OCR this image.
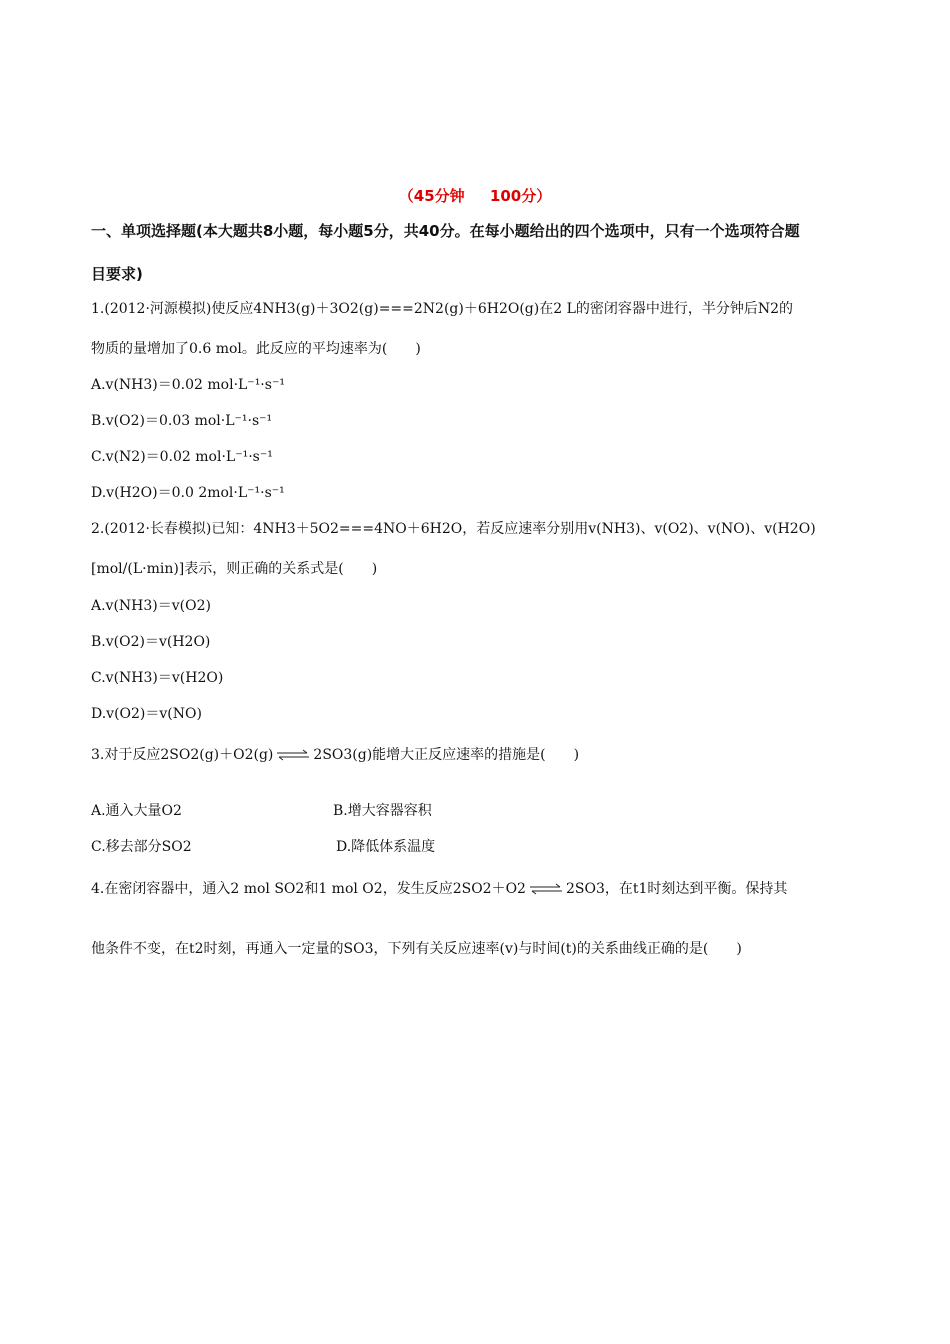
（45分钟 100分）
一、单项选择题(本大题共8小题，每小题5分，共40分。在每小题给出的四个选项中，只有一个选项符合题
目要求)
1.(2012·河源模拟)使反应4NH3(g)＋3O2(g)===2N2(g)＋6H2O(g)在2 L的密闭容器中进行，半分钟后N2的
物质的量增加了0.6 mol。此反应的平均速率为(　　)
A.v(NH3)＝0.02 mol·L⁻¹·s⁻¹
B.v(O2)＝0.03 mol·L⁻¹·s⁻¹
C.v(N2)＝0.02 mol·L⁻¹·s⁻¹
D.v(H2O)＝0.0 2mol·L⁻¹·s⁻¹
2.(2012·长春模拟)已知：4NH3＋5O2===4NO＋6H2O，若反应速率分别用v(NH3)、v(O2)、v(NO)、v(H2O)
[mol/(L·min)]表示，则正确的关系式是(　　)
A.v(NH3)＝v(O2)
B.v(O2)＝v(H2O)
C.v(NH3)＝v(H2O)
D.v(O2)＝v(NO)
3.对于反应2SO2(g)＋O2(g) ⇌ 2SO3(g)能增大正反应速率的措施是(　　)
A.通入大量O2	B.增大容器容积
C.移去部分SO2	D.降低体系温度
4.在密闭容器中，通入2 mol SO2和1 mol O2，发生反应2SO2＋O2 ⇌ 2SO3，在t1时刻达到平衡。保持其
他条件不变，在t2时刻，再通入一定量的SO3，下列有关反应速率(v)与时间(t)的关系曲线正确的是(　　)
